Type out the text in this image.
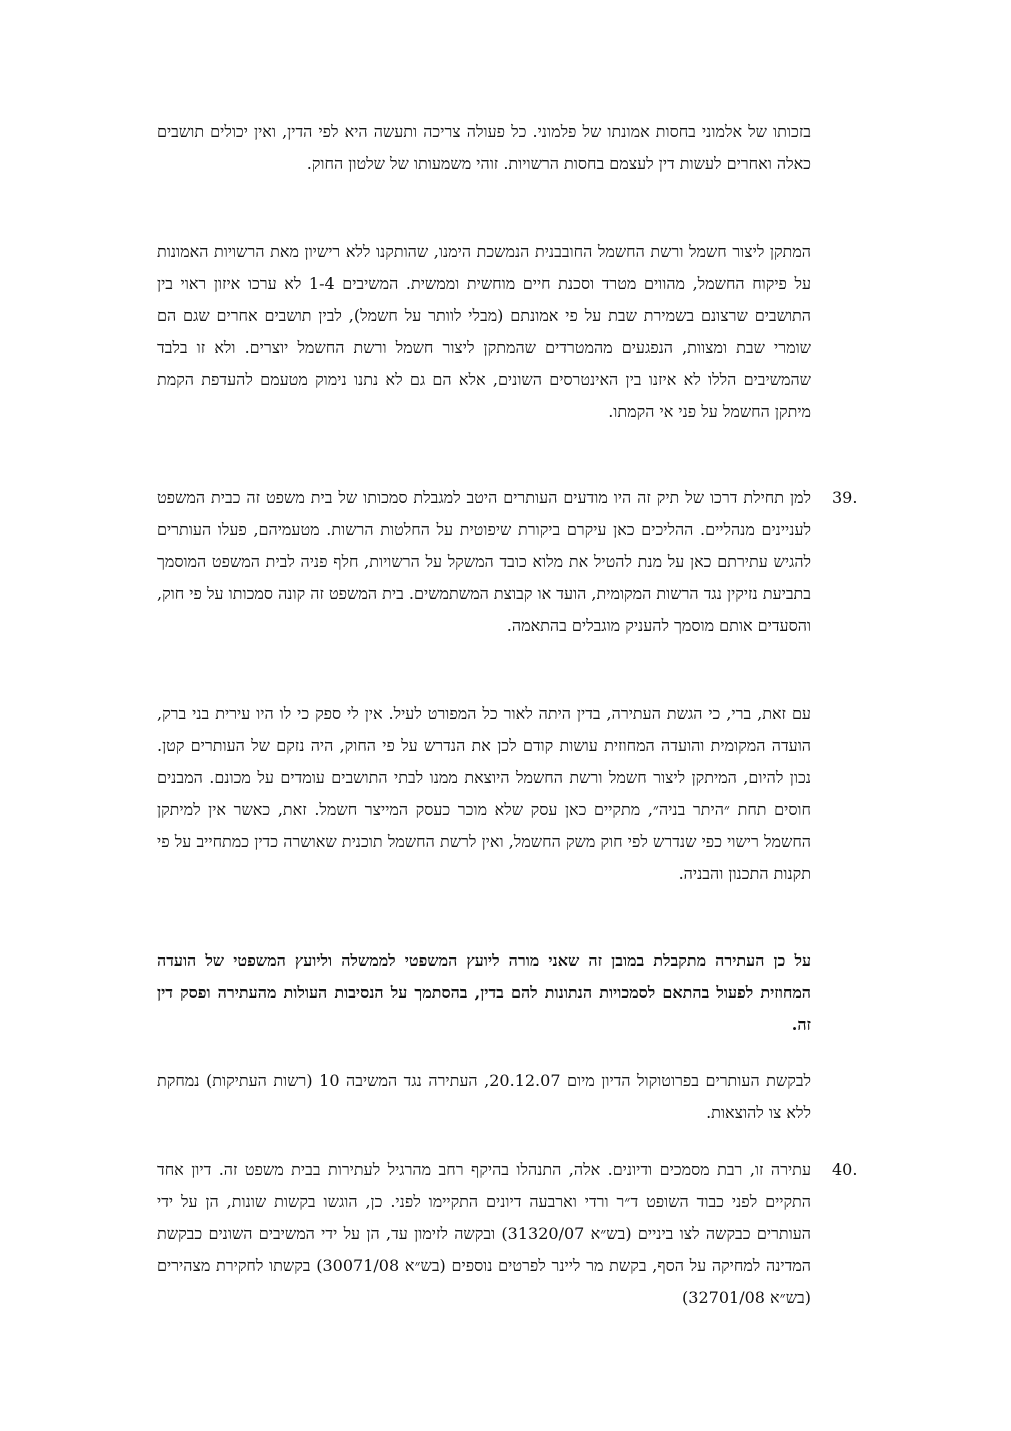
בזכותו של אלמוני בחסות אמונתו של פלמוני. כל פעולה צריכה ותעשה היא לפי הדין, ואין יכולים תושבים כאלה ואחרים לעשות דין לעצמם בחסות הרשויות. זוהי משמעותו של שלטון החוק.

המתקן ליצור חשמל ורשת החשמל החובבנית הנמשכת הימנו, שהותקנו ללא רישיון מאת הרשויות האמונות על פיקוח החשמל, מהווים מטרד וסכנת חיים מוחשית וממשית. המשיבים 1-4 לא ערכו איזון ראוי בין התושבים שרצונם בשמירת שבת על פי אמונתם (מבלי לוותר על חשמל), לבין תושבים אחרים שגם הם שומרי שבת ומצוות, הנפגעים מהמטרדים שהמתקן ליצור חשמל ורשת החשמל יוצרים. ולא זו בלבד שהמשיבים הללו לא איזנו בין האינטרסים השונים, אלא הם גם לא נתנו נימוק מטעמם להעדפת הקמת מיתקן החשמל על פני אי הקמתו.

39.

למן תחילת דרכו של תיק זה היו מודעים העותרים היטב למגבלת סמכותו של בית משפט זה כבית המשפט לעניינים מנהליים. ההליכים כאן עיקרם ביקורת שיפוטית על החלטות הרשות. מטעמיהם, פעלו העותרים להגיש עתירתם כאן על מנת להטיל את מלוא כובד המשקל על הרשויות, חלף פניה לבית המשפט המוסמך בתביעת נזיקין נגד הרשות המקומית, הועד או קבוצת המשתמשים. בית המשפט זה קונה סמכותו על פי חוק, והסעדים אותם מוסמך להעניק מוגבלים בהתאמה.

עם זאת, ברי, כי הגשת העתירה, בדין היתה לאור כל המפורט לעיל. אין לי ספק כי לו היו עירית בני ברק, הועדה המקומית והועדה המחוזית עושות קודם לכן את הנדרש על פי החוק, היה נזקם של העותרים קטן. נכון להיום, המיתקן ליצור חשמל ורשת החשמל היוצאת ממנו לבתי התושבים עומדים על מכונם. המבנים חוסים תחת ״היתר בניה״, מתקיים כאן עסק שלא מוכר כעסק המייצר חשמל. זאת, כאשר אין למיתקן החשמל רישוי כפי שנדרש לפי חוק משק החשמל, ואין לרשת החשמל תוכנית שאושרה כדין כמתחייב על פי תקנות התכנון והבניה.

על כן העתירה מתקבלת במובן זה שאני מורה ליועץ המשפטי לממשלה וליועץ המשפטי של הועדה המחוזית לפעול בהתאם לסמכויות הנתונות להם בדין, בהסתמך על הנסיבות העולות מהעתירה ופסק דין זה.

לבקשת העותרים בפרוטוקול הדיון מיום 20.12.07, העתירה נגד המשיבה 10 (רשות העתיקות) נמחקת ללא צו להוצאות.

40.

עתירה זו, רבת מסמכים ודיונים. אלה, התנהלו בהיקף רחב מהרגיל לעתירות בבית משפט זה. דיון אחד התקיים לפני כבוד השופט ד״ר ורדי וארבעה דיונים התקיימו לפני. כן, הוגשו בקשות שונות, הן על ידי העותרים כבקשה לצו ביניים (בש״א 31320/07) ובקשה לזימון עד, הן על ידי המשיבים השונים כבקשת המדינה למחיקה על הסף, בקשת מר ליינר לפרטים נוספים (בש״א 30071/08) בקשתו לחקירת מצהירים (בש״א 32701/08)
